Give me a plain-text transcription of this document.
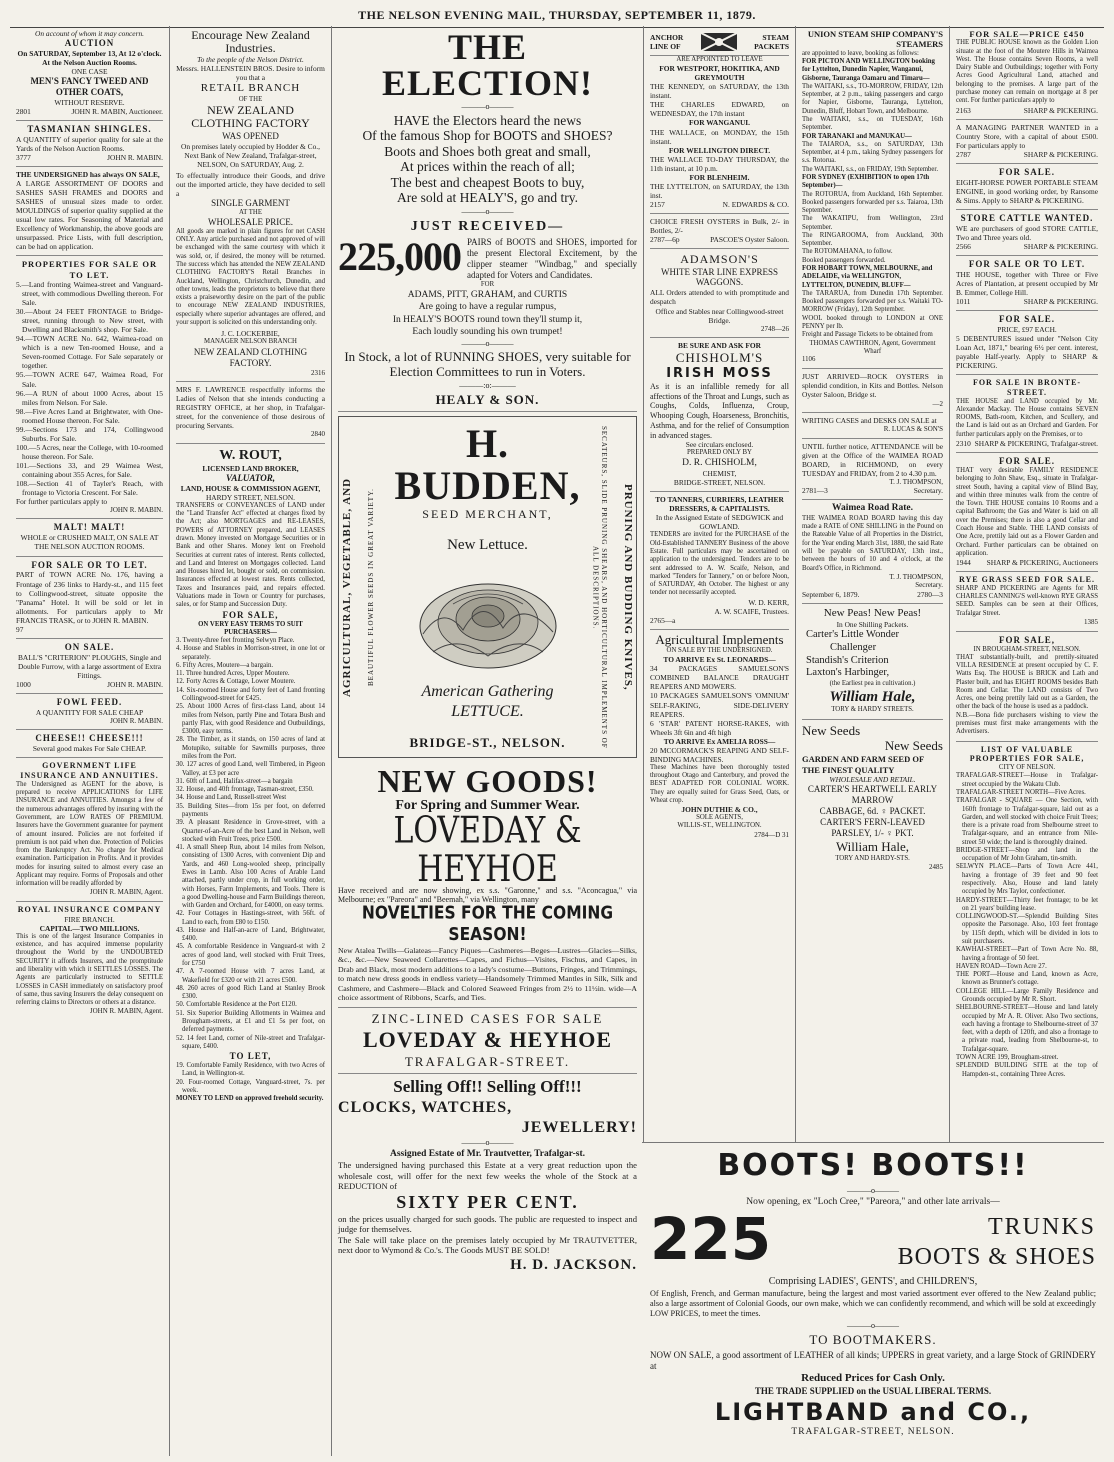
THE NELSON EVENING MAIL, THURSDAY, SEPTEMBER 11, 1879.
On account of whom it may concern.
AUCTION
On SATURDAY, September 13, At 12 o'clock.
At the Nelson Auction Rooms.
ONE CASE
MEN'S FANCY TWEED AND OTHER COATS,
WITHOUT RESERVE.
2801	JOHN R. MABIN, Auctioneer.
TASMANIAN SHINGLES.
A QUANTITY of superior quality for sale at the Yards of the Nelson Auction Rooms.
3777	JOHN R. MABIN.
THE UNDERSIGNED has always ON SALE,
A LARGE ASSORTMENT OF DOORS and SASHES SASH FRAMES and DOORS and SASHES of unusual sizes made to order. MOULDINGS of superior quality supplied at the usual low rates. For Seasoning of Material and Excellency of Workmanship, the above goods are unsurpassed. Price Lists, with full description, can be had on application.
PROPERTIES FOR SALE OR TO LET.
5.—Land fronting Waimea-street and Vanguard-street, with commodious Dwelling thereon. For Sale.
30.—About 24 FEET FRONTAGE to Bridge-street, running through to New street, with Dwelling and Blacksmith's shop. For Sale.
94.—TOWN ACRE No. 642, Waimea-road on which is a new Ten-roomed House, and a Seven-roomed Cottage. For Sale separately or together.
95.—TOWN ACRE 647, Waimea Road, For Sale.
96.—A RUN of about 1000 Acres, about 15 miles from Nelson. For Sale.
98.—Five Acres Land at Brightwater, with One-roomed House thereon. For Sale.
99.—Sections 173 and 174, Collingwood Suburbs. For Sale.
100.—5 Acres, near the College, with 10-roomed house thereon. For Sale.
101.—Sections 33, and 29 Waimea West, containing about 355 Acres, for Sale.
108.—Section 41 of Tayler's Reach, with frontage to Victoria Crescent. For Sale.
For further particulars apply to
JOHN R. MABIN.
MALT! MALT!
WHOLE or CRUSHED MALT, ON SALE AT THE NELSON AUCTION ROOMS.
FOR SALE OR TO LET.
PART of TOWN ACRE No. 176, having a Frontage of 236 links to Hardy-st., and 115 feet to Collingwood-street, situate opposite the "Panama" Hotel. It will be sold or let in allotments. For particulars apply to Mr FRANCIS TRASK, or to JOHN R. MABIN.
97
ON SALE.
BALL'S "CRITERION" PLOUGHS, Single and Double Furrow, with a large assortment of Extra Fittings.
1000	JOHN R. MABIN.
FOWL FEED.
A QUANTITY FOR SALE CHEAP
JOHN R. MABIN.
CHEESE!! CHEESE!!!
Several good makes For Sale CHEAP.
GOVERNMENT LIFE INSURANCE AND ANNUITIES.
The Undersigned as AGENT for the above, is prepared to receive APPLICATIONS for LIFE INSURANCE and ANNUITIES. Amongst a few of the numerous advantages offered by insuring with the Government, are LOW RATES OF PREMIUM. Insurers have the Government guarantee for payment of amount insured. Policies are not forfeited if premium is not paid when due. Protection of Policies from the Bankruptcy Act. No charge for Medical examination. Participation in Profits. And it provides modes for insuring suited to almost every case an Applicant may require. Forms of Proposals and other information will be readily afforded by
JOHN R. MABIN, Agent.
ROYAL INSURANCE COMPANY
FIRE BRANCH.
CAPITAL—TWO MILLIONS.
This is one of the largest Insurance Companies in existence, and has acquired immense popularity throughout the World by the UNDOUBTED SECURITY it affords Insurers, and the promptitude and liberality with which it SETTLES LOSSES. The Agents are particularly instructed to SETTLE LOSSES in CASH immediately on satisfactory proof of same, thus saving Insurers the delay consequent on referring claims to Directors or others at a distance.
JOHN R. MABIN, Agent.
Encourage New Zealand Industries.
To the people of the Nelson District.
Messrs. HALLENSTEIN BROS. Desire to inform you that a
RETAIL BRANCH
OF THE
NEW ZEALAND CLOTHING FACTORY
WAS OPENED
On premises lately occupied by Hodder & Co., Next Bank of New Zealand, Trafalgar-street, NELSON, On SATURDAY, Aug. 2.
To effectually introduce their Goods, and drive out the imported article, they have decided to sell a
SINGLE GARMENT
AT THE
WHOLESALE PRICE.
All goods are marked in plain figures for net CASH ONLY. Any article purchased and not approved of will be exchanged with the same courtesy with which it was sold, or, if desired, the money will be returned. The success which has attended the NEW ZEALAND CLOTHING FACTORY'S Retail Branches in Auckland, Wellington, Christchurch, Dunedin, and other towns, leads the proprietors to believe that there exists a praiseworthy desire on the part of the public to encourage NEW ZEALAND INDUSTRIES, especially where superior advantages are offered, and your support is solicited on this understanding only.
J. C. LOCKERBIE,
MANAGER NELSON BRANCH
NEW ZEALAND CLOTHING FACTORY.
2316
MRS F. LAWRENCE respectfully informs the Ladies of Nelson that she intends conducting a REGISTRY OFFICE, at her shop, in Trafalgar-street, for the convenience of those desirous of procuring Servants.
2840
W. ROUT,
LICENSED LAND BROKER,
VALUATOR,
LAND, HOUSE & COMMISSION AGENT,
HARDY STREET, NELSON.
TRANSFERS or CONVEYANCES of LAND under the "Land Transfer Act" effected at charges fixed by the Act; also MORTGAGES and RE-LEASES, POWERS of ATTORNEY prepared, and LEASES drawn. Money invested on Mortgage Securities or in Bank and other Shares. Money lent on Freehold Securities at current rates of interest. Rents collected, and Land and Interest on Mortgages collected. Land and Houses hired let, bought or sold, on commission. Insurances effected at lowest rates. Rents collected, Taxes and Insurances paid, and repairs effected. Valuations made in Town or Country for purchases, sales, or for Stamp and Succession Duty.
FOR SALE,
ON VERY EASY TERMS TO SUIT PURCHASERS—
3. Twenty-three feet fronting Selwyn Place.
4. House and Stables in Morrison-street, in one lot or separately.
6. Fifty Acres, Moutere—a bargain.
11. Three hundred Acres, Upper Moutere.
12. Forty Acres & Cottage, Lower Moutere.
14. Six-roomed House and forty feet of Land fronting Collingwood-street for £425.
25. About 1000 Acres of first-class Land, about 14 miles from Nelson, partly Pine and Totara Bush and partly Flax, with good Residence and Outbuildings, £3000, easy terms.
28. The Timber, as it stands, on 150 acres of land at Motupiko, suitable for Sawmills purposes, three miles from the Port.
30. 127 acres of good Land, well Timbered, in Pigeon Valley, at £3 per acre
31. 60ft of Land, Halifax-street—a bargain
32. House, and 40ft frontage, Tasman-street, £350.
34. House and Land, Russell-street West
35. Building Sites—from 15s per foot, on deferred payments
39. A pleasant Residence in Grove-street, with a Quarter-of-an-Acre of the best Land in Nelson, well stocked with Fruit Trees, price £500.
41. A small Sheep Run, about 14 miles from Nelson, consisting of 1300 Acres, with convenient Dip and Yards, and 460 Long-wooled sheep, principally Ewes in Lamb. Also 100 Acres of Arable Land attached, partly under crop, in full working order, with Horses, Farm Implements, and Tools. There is a good Dwelling-house and Farm Buildings thereon, with Garden and Orchard, for £4000, on easy terms.
42. Four Cottages in Hastings-street, with 56ft. of Land to each, from £80 to £150.
43. House and Half-an-acre of Land, Brightwater, £400.
45. A comfortable Residence in Vanguard-st with 2 acres of good land, well stocked with Fruit Trees, for £750
47. A 7-roomed House with 7 acres Land, at Wakefield for £320 or with 21 acres £500.
48. 260 acres of good Rich Land at Stanley Brook £300.
50. Comfortable Residence at the Port £120.
51. Six Superior Building Allotments in Waimea and Brougham-streets, at £1 and £1 5s per foot, on deferred payments.
52. 14 feet Land, corner of Nile-street and Trafalgar-square, £400.
TO LET,
19. Comfortable Family Residence, with two Acres of Land, in Wellington-st.
20. Four-roomed Cottage, Vanguard-street, 7s. per week.
MONEY TO LEND on approved freehold security.
THE ELECTION!
———o———
HAVE the Electors heard the news
Of the famous Shop for BOOTS and SHOES?
Boots and Shoes both great and small,
At prices within the reach of all;
The best and cheapest Boots to buy,
Are sold at HEALY'S, go and try.
———o———
JUST RECEIVED—
225,000 PAIRS of BOOTS and SHOES, imported for the present Electoral Excitement, by the clipper steamer "Windbag," and specially adapted for Voters and Candidates.
FOR
ADAMS, PITT, GRAHAM, and CURTIS
Are going to have a regular rumpus,
In HEALY'S BOOTS round town they'll stump it,
Each loudly sounding his own trumpet!
———o———
In Stock, a lot of RUNNING SHOES, very suitable for Election Committees to run in Voters.
———:o:———
HEALY & SON.
AGRICULTURAL, VEGETABLE, AND	BEAUTIFUL FLOWER SEEDS IN GREAT VARIETY.	PRUNING AND BUDDING KNIVES,
SECATEURS, SLIDE PRUNING SHEARS, AND HORTICULTURAL IMPLEMENTS OF ALL DESCRIPTIONS.
H. BUDDEN,
SEED MERCHANT,
New Lettuce.
American Gathering LETTUCE.
BRIDGE-ST., NELSON.
NEW GOODS!
For Spring and Summer Wear.
LOVEDAY & HEYHOE
Have received and are now showing, ex s.s. "Garonne," and s.s. "Aconcagua," via Melbourne; ex "Pareora" and "Beemah," via Wellington, many
NOVELTIES FOR THE COMING SEASON!
New Atalea Twills—Galateas—Fancy Piques—Cashmeres—Beges—Lustres—Glacies—Silks, &c., &c.—New Seaweed Collarettes—Capes, and Fichus—Visites, Fischus, and Capes, in Drab and Black, most modern additions to a lady's costume—Buttons, Fringes, and Trimmings, to match new dress goods in endless variety—Handsomely Trimmed Mantles in Silk, Silk and Cashmere, and Cashmere—Black and Colored Seaweed Fringes from 2½ to 11½in. wide—A choice assortment of Ribbons, Scarfs, and Ties.
ZINC-LINED CASES FOR SALE
LOVEDAY & HEYHOE
TRAFALGAR-STREET.
Selling Off!! Selling Off!!!
CLOCKS, WATCHES,
JEWELLERY!
———o———
Assigned Estate of Mr. Trautvetter, Trafalgar-st.
The undersigned having purchased this Estate at a very great reduction upon the wholesale cost, will offer for the next few weeks the whole of the Stock at a REDUCTION of
SIXTY PER CENT.
on the prices usually charged for such goods. The public are requested to inspect and judge for themselves.
The Sale will take place on the premises lately occupied by Mr TRAUTVETTER, next door to Wymond & Co.'s. The Goods MUST BE SOLD!
H. D. JACKSON.
ANCHOR LINE OF
STEAM PACKETS
ARE APPOINTED TO LEAVE
FOR WESTPORT, HOKITIKA, AND GREYMOUTH
THE KENNEDY, on SATURDAY, the 13th instant.
THE CHARLES EDWARD, on WEDNESDAY, the 17th instant
FOR WANGANUI.
THE WALLACE, on MONDAY, the 15th instant.
FOR WELLINGTON DIRECT.
THE WALLACE TO-DAY THURSDAY, the 11th instant, at 10 p.m.
FOR BLENHEIM.
THE LYTTELTON, on SATURDAY, the 13th inst.
2157	N. EDWARDS & CO.
CHOICE FRESH OYSTERS in Bulk, 2/- in Bottles, 2/-
2787—6p	PASCOE'S Oyster Saloon.
ADAMSON'S
WHITE STAR LINE EXPRESS WAGGONS.
ALL Orders attended to with promptitude and despatch
Office and Stables near Collingwood-street Bridge.
2748—26
BE SURE AND ASK FOR
CHISHOLM'S
IRISH MOSS
As it is an infallible remedy for all affections of the Throat and Lungs, such as Coughs, Colds, Influenza, Croup, Whooping Cough, Hoarseness, Bronchitis, Asthma, and for the relief of Consumption in advanced stages.
See circulars enclosed.
PREPARED ONLY BY
D. R. CHISHOLM,
CHEMIST,
BRIDGE-STREET, NELSON.
TO TANNERS, CURRIERS, LEATHER DRESSERS, & CAPITALISTS.
In the Assigned Estate of SEDGWICK and GOWLAND.
TENDERS are invited for the PURCHASE of the Old-Established TANNERY Business of the above Estate. Full particulars may be ascertained on application to the undersigned. Tenders are to be sent addressed to A. W. Scaife, Nelson, and marked "Tenders for Tannery," on or before Noon, of SATURDAY, 4th October. The highest or any tender not necessarily accepted.
W. D. KERR,
A. W. SCAIFE, Trustees.
2765—a
Agricultural Implements
ON SALE BY THE UNDERSIGNED.
TO ARRIVE Ex St. LEONARDS—
34 PACKAGES SAMUELSON'S COMBINED BALANCE DRAUGHT REAPERS AND MOWERS.
10 PACKAGES SAMUELSON'S 'OMNIUM' SELF-RAKING, SIDE-DELIVERY REAPERS.
6 'STAR' PATENT HORSE-RAKES, with Wheels 3ft 6in and 4ft high
TO ARRIVE Ex AMELIA ROSS—
20 MCCORMACK'S REAPING AND SELF-BINDING MACHINES.
These Machines have been thoroughly tested throughout Otago and Canterbury, and proved the BEST ADAPTED FOR COLONIAL WORK. They are equally suited for Grass Seed, Oats, or Wheat crop.
JOHN DUTHIE & CO.,
SOLE AGENTS,
WILLIS-ST., WELLINGTON.
2784—D 31
UNION STEAM SHIP COMPANY'S STEAMERS
are appointed to leave, booking as follows:
FOR PICTON AND WELLINGTON booking for Lyttelton, Dunedin Napier, Wanganui, Gisborne, Tauranga Oamaru and Timaru—
The WAITAKI, s.s., TO-MORROW, FRIDAY, 12th September, at 2 p.m., taking passengers and cargo for Napier, Gisborne, Tauranga, Lyttelton, Dunedin, Bluff, Hobart Town, and Melbourne.
The WAITAKI, s.s., on TUESDAY, 16th September.
FOR TARANAKI and MANUKAU—
The TAIAROA, s.s., on SATURDAY, 13th September, at 4 p.m., taking Sydney passengers for s.s. Rotorua.
The WAITAKI, s.s., on FRIDAY, 19th September.
FOR SYDNEY (EXHIBITION to open 17th September)—
The ROTORUA, from Auckland, 16th September. Booked passengers forwarded per s.s. Taiaroa, 13th September.
The WAKATIPU, from Wellington, 23rd September.
The RINGAROOMA, from Auckland, 30th September.
The ROTOMAHANA, to follow.
Booked passengers forwarded.
FOR HOBART TOWN, MELBOURNE, and ADELAIDE, via WELLINGTON, LYTTELTON, DUNEDIN, BLUFF—
The TARARUA, from Dunedin 17th September. Booked passengers forwarded per s.s. Waitaki TO-MORROW (Friday), 12th September.
WOOL booked through to LONDON at ONE PENNY per lb.
Freight and Passage Tickets to be obtained from
THOMAS CAWTHRON, Agent, Government Wharf
1106
JUST ARRIVED—ROCK OYSTERS in splendid condition, in Kits and Bottles. Nelson Oyster Saloon, Bridge st.
—2
WRITING CASES and DESKS ON SALE at
R. LUCAS & SON'S
UNTIL further notice, ATTENDANCE will be given at the Office of the WAIMEA ROAD BOARD, in RICHMOND, on every TUESDAY and FRIDAY, from 2 to 4.30 p.m.
T. J. THOMPSON,
2781—3	Secretary.
Waimea Road Rate.
THE WAIMEA ROAD BOARD having this day made a RATE of ONE SHILLING in the Pound on the Rateable Value of all Properties in the District, for the Year ending March 31st, 1880, the said Rate will be payable on SATURDAY, 13th inst., between the hours of 10 and 4 o'clock, at the Board's Office, in Richmond.
T. J. THOMPSON,
Secretary.
September 6, 1879.	2780—3
New Peas! New Peas!
In One Shilling Packets.
Carter's Little Wonder
Challenger
Standish's Criterion
Laxton's Harbinger,
(the Earliest pea in cultivation.)
William Hale,
TORY & HARDY STREETS.
New Seeds
New Seeds
GARDEN AND FARM SEED OF THE FINEST QUALITY
WHOLESALE AND RETAIL.
CARTER'S HEARTWELL EARLY MARROW
CABBAGE, 6d. ♀ PACKET.
CARTER'S FERN-LEAVED
PARSLEY, 1/- ♀ PKT.
William Hale,
TORY AND HARDY-STS.
2485
FOR SALE—PRICE £450
THE PUBLIC HOUSE known as the Golden Lion situate at the foot of the Moutere Hills in Waimea West. The House contains Seven Rooms, a well Dairy Stable and Outbuildings; together with Forty Acres Good Agricultural Land, attached and belonging to the premises. A large part of the purchase money can remain on mortgage at 8 per cent. For further particulars apply to
2163	SHARP & PICKERING.
A MANAGING PARTNER WANTED in a Country Store, with a capital of about £500. For particulars apply to
2787	SHARP & PICKERING.
FOR SALE.
EIGHT-HORSE POWER PORTABLE STEAM ENGINE, in good working order, by Ransome & Sims. Apply to SHARP & PICKERING.
STORE CATTLE WANTED.
WE are purchasers of good STORE CATTLE, Two and Three years old.
2566	SHARP & PICKERING.
FOR SALE OR TO LET.
THE HOUSE, together with Three or Five Acres of Plantation, at present occupied by Mr B. Emmer, College Hill.
1011	SHARP & PICKERING.
FOR SALE.
PRICE, £97 EACH.
5 DEBENTURES issued under "Nelson City Loan Act, 1871," bearing 6½ per cent. interest, payable Half-yearly. Apply to SHARP & PICKERING.
FOR SALE IN BRONTE-STREET.
THE HOUSE and LAND occupied by Mr. Alexander Mackay. The House contains SEVEN ROOMS, Bath-room, Kitchen, and Scullery, and the Land is laid out as an Orchard and Garden. For further particulars apply on the Premises, or to
2310 SHARP & PICKERING, Trafalgar-street.
FOR SALE.
THAT very desirable FAMILY RESIDENCE belonging to John Shaw, Esq., situate in Trafalgar-street South, having a capital view of Blind Bay, and within three minutes walk from the centre of the Town. THE HOUSE contains 10 Rooms and a capital Bathroom; the Gas and Water is laid on all over the Premises; there is also a good Cellar and Coach House and Stable. THE LAND consists of One Acre, prettily laid out as a Flower Garden and Orchard. Further particulars can be obtained on application.
1944 SHARP & PICKERING, Auctioneers
RYE GRASS SEED FOR SALE.
SHARP AND PICKERING are Agents for MR CHARLES CANNING'S well-known RYE GRASS SEED. Samples can be seen at their Offices, Trafalgar Street.
1385
FOR SALE,
IN BROUGHAM-STREET, NELSON.
THAT substantially-built, and prettily-situated VILLA RESIDENCE at present occupied by C. F. Watts Esq. The HOUSE is BRICK and Lath and Plaster built, and has EIGHT ROOMS besides Bath Room and Cellar. The LAND consists of Two Acres, one being prettily laid out as a Garden, the other the back of the house is used as a paddock.
N.B.—Bona fide purchasers wishing to view the premises must first make arrangements with the Advertisers.
LIST OF VALUABLE PROPERTIES FOR SALE,
CITY OF NELSON.
TRAFALGAR-STREET—House in Trafalgar-street occupied by the Wakatu Club.
TRAFALGAR-STREET NORTH—Five Acres.
TRAFALGAR - SQUARE — One Section, with 160ft frontage to Trafalgar-square, laid out as a Garden, and well stocked with choice Fruit Trees; there is a private road from Shelbourne street to Trafalgar-square, and an entrance from Nile-street 50 wide; the land is thoroughly drained.
BRIDGE-STREET—Shop and land in the occupation of Mr John Graham, tin-smith.
SELWYN PLACE—Parts of Town Acre 441, having a frontage of 39 feet and 90 feet respectively. Also, House and land lately occupied by Mrs Taylor, confectioner.
HARDY-STREET—Thirty feet frontage; to be let on 21 years' building lease.
COLLINGWOOD-ST.—Splendid Building Sites opposite the Parsonage. Also, 103 feet frontage by 115ft depth, which will be divided in lots to suit purchasers.
KAWHAI-STREET—Part of Town Acre No. 88, having a frontage of 50 feet.
HAVEN ROAD—Town Acre 27.
THE PORT—House and Land, known as Acre, known as Brunner's cottage.
COLLEGE HILL—Large Family Residence and Grounds occupied by Mr R. Short.
SHELBOURNE-STREET—House and land lately occupied by Mr A. R. Oliver. Also Two sections, each having a frontage to Shelbourne-street of 37 feet, with a depth of 120ft, and also a frontage to a private road, leading from Shelbourne-st, to Trafalgar-square.
TOWN ACRE 199, Brougham-street.
SPLENDID BUILDING SITE at the top of Hampden-st., containing Three Acres.
BOOTS! BOOTS!!
———o———
Now opening, ex "Loch Cree," "Pareora," and other late arrivals—
225	TRUNKS
BOOTS & SHOES
Comprising LADIES', GENTS', and CHILDREN'S,
Of English, French, and German manufacture, being the largest and most varied assortment ever offered to the New Zealand public; also a large assortment of Colonial Goods, our own make, which we can confidently recommend, and which will be sold at exceedingly LOW PRICES, to meet the times.
———o———
TO BOOTMAKERS.
NOW ON SALE, a good assortment of LEATHER of all kinds; UPPERS in great variety, and a large Stock of GRINDERY at
Reduced Prices for Cash Only.
THE TRADE SUPPLIED on the USUAL LIBERAL TERMS.
LIGHTBAND and CO.,
TRAFALGAR-STREET, NELSON.
